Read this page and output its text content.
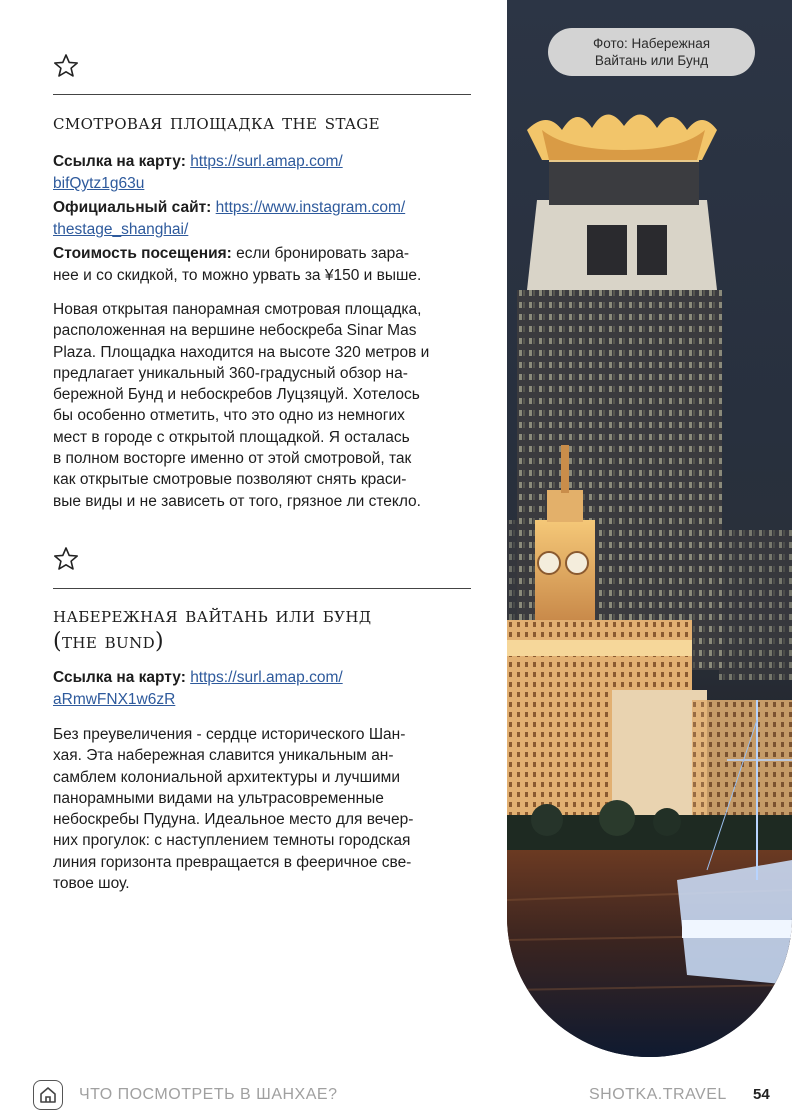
смотровая площадка the stage

Ссылка на карту: https://surl.amap.com/
bifQytz1g63u

Официальный сайт: https://www.instagram.com/
thestage_shanghai/

Стоимость посещения: если бронировать зара-
нее и со скидкой, то можно урвать за ¥150 и выше.

Новая открытая панорамная смотровая площадка,
расположенная на вершине небоскреба Sinar Mas
Plaza. Площадка находится на высоте 320 метров и
предлагает уникальный 360-градусный обзор на-
бережной Бунд и небоскребов Луцзяцуй. Хотелось
бы особенно отметить, что это одно из немногих
мест в городе с открытой площадкой. Я осталась
в полном восторге именно от этой смотровой, так
как открытые смотровые позволяют снять краси-
вые виды и не зависеть от того, грязное ли стекло.

набережная вайтань или бунд
(the bund)

Ссылка на карту: https://surl.amap.com/
aRmwFNX1w6zR

Без преувеличения - сердце исторического Шан-
хая. Эта набережная славится уникальным ан-
самблем колониальной архитектуры и лучшими
панорамными видами на ультрасовременные
небоскребы Пудуна. Идеальное место для вечер-
них прогулок: с наступлением темноты городская
линия горизонта превращается в фееричное све-
товое шоу.

Фото: Набережная Вайтань или Бунд
ЧТО ПОСМОТРЕТЬ В ШАНХАЕ?	SHOTKA.TRAVEL 54
